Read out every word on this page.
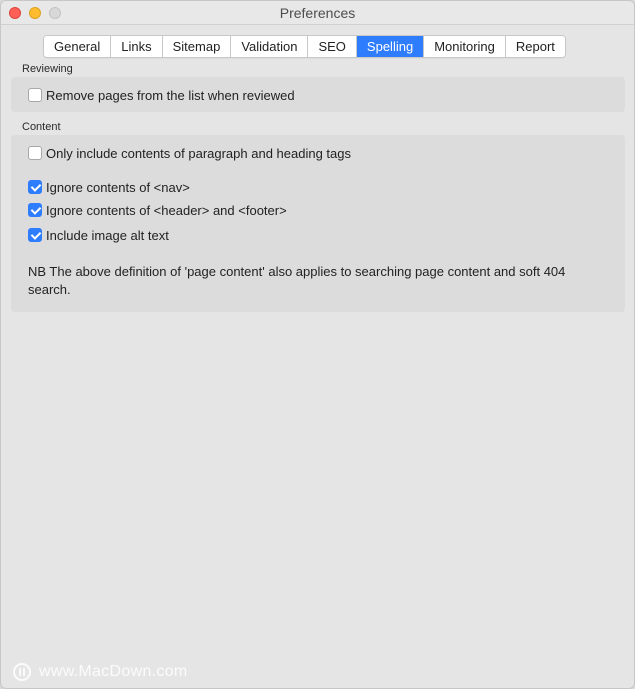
Preferences
General	Links	Sitemap	Validation	SEO	Spelling	Monitoring	Report
Reviewing
Remove pages from the list when reviewed
Content
Only include contents of paragraph and heading tags
Ignore contents of <nav>
Ignore contents of <header> and <footer>
Include image alt text
NB The above definition of 'page content' also applies to searching page content and soft 404 search.
www.MacDown.com
